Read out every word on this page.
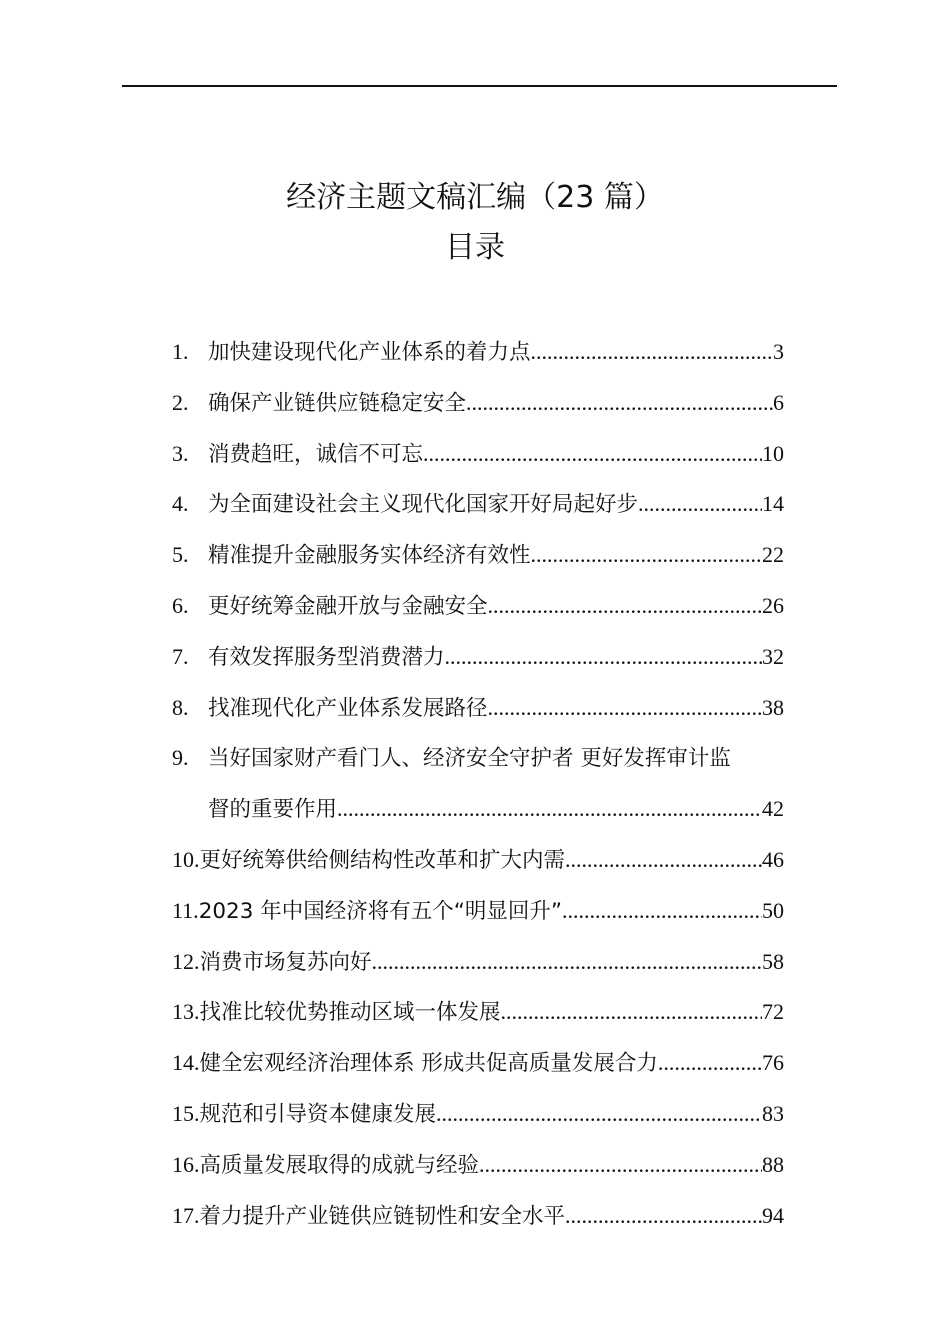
经济主题文稿汇编（23 篇）
目录
1. 加快建设现代化产业体系的着力点 .....	3
2. 确保产业链供应链稳定安全 .....	6
3. 消费趋旺，诚信不可忘 .....	10
4. 为全面建设社会主义现代化国家开好局起好步 .....	14
5. 精准提升金融服务实体经济有效性 .....	22
6. 更好统筹金融开放与金融安全 .....	26
7. 有效发挥服务型消费潜力 .....	32
8. 找准现代化产业体系发展路径 .....	38
9. 当好国家财产看门人、经济安全守护者 更好发挥审计监
督的重要作用 .....	42
10. 更好统筹供给侧结构性改革和扩大内需 .....	46
11. 2023 年中国经济将有五个“明显回升” .....	50
12. 消费市场复苏向好 .....	58
13. 找准比较优势推动区域一体发展 .....	72
14. 健全宏观经济治理体系 形成共促高质量发展合力 .....	76
15. 规范和引导资本健康发展 .....	83
16. 高质量发展取得的成就与经验 .....	88
17. 着力提升产业链供应链韧性和安全水平 .....	94
